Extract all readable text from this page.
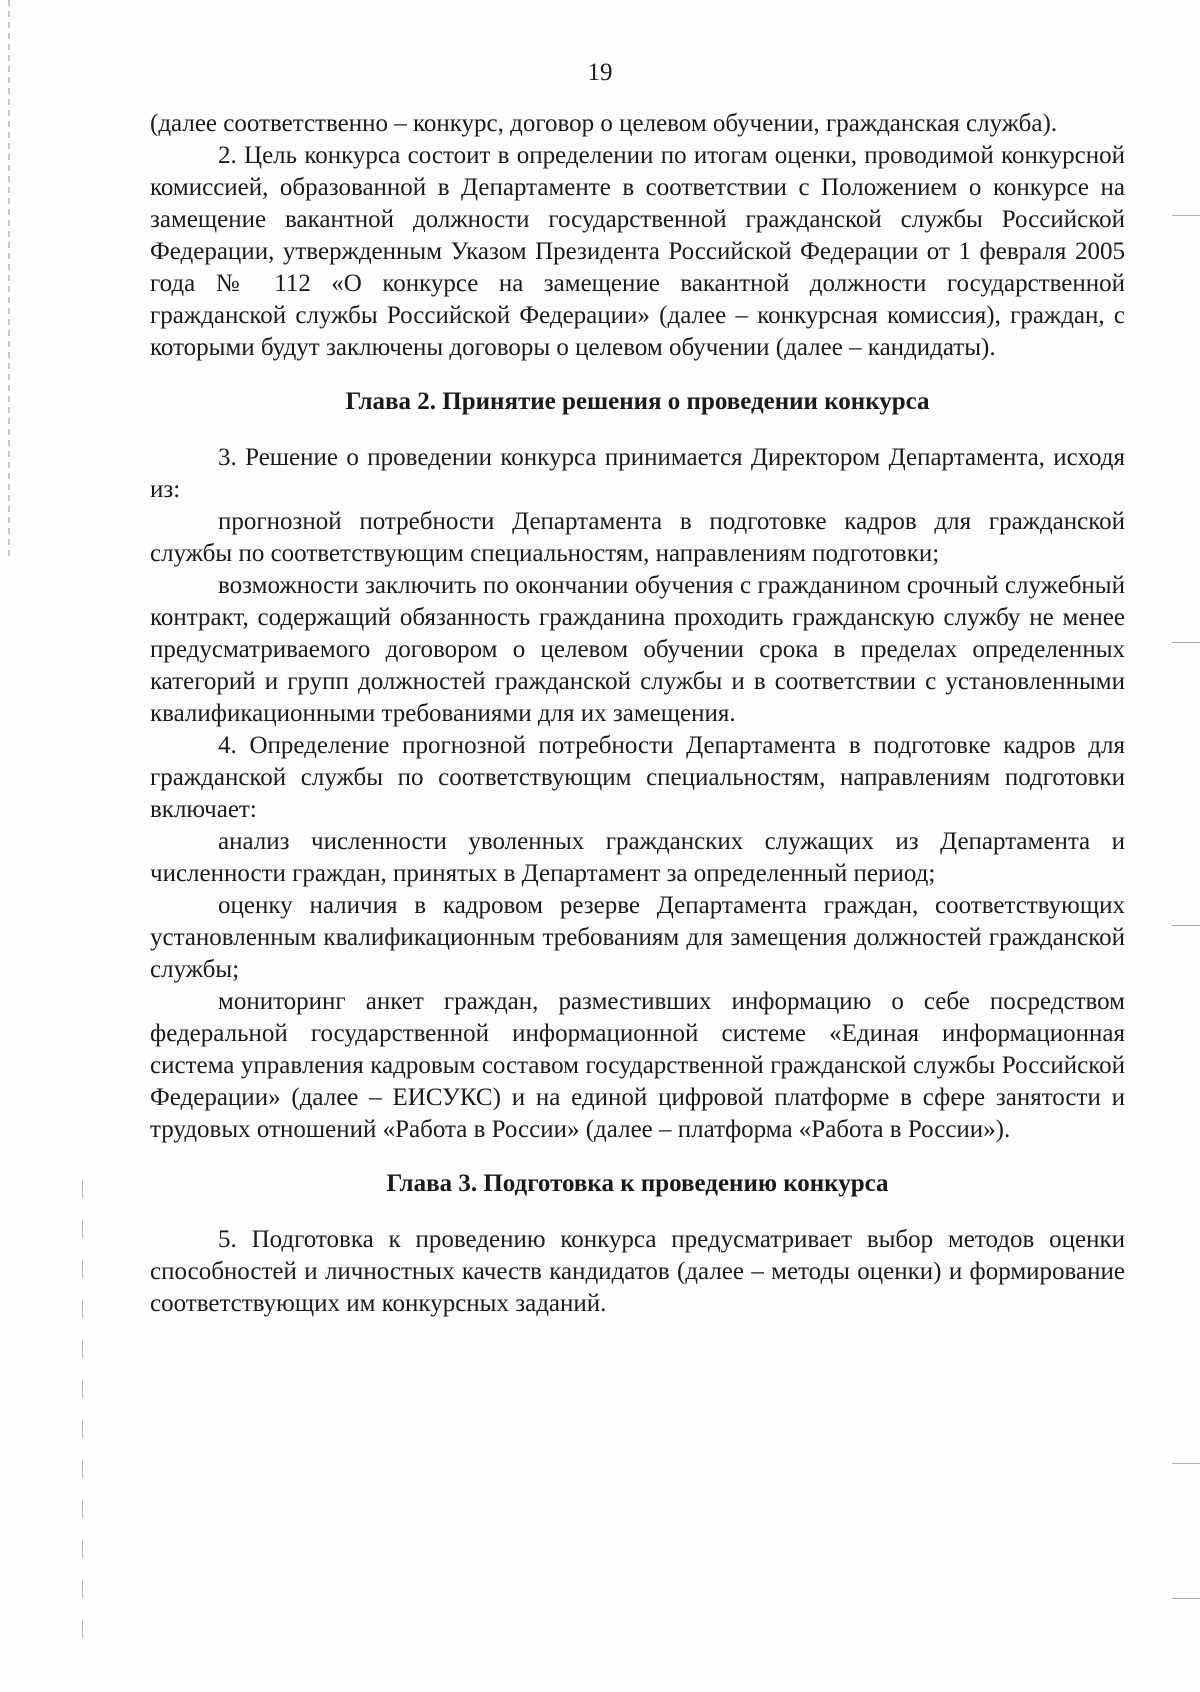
19

(далее соответственно – конкурс, договор о целевом обучении, гражданская служба).

2. Цель конкурса состоит в определении по итогам оценки, проводимой конкурсной комиссией, образованной в Департаменте в соответствии с Положением о конкурсе на замещение вакантной должности государственной гражданской службы Российской Федерации, утвержденным Указом Президента Российской Федерации от 1 февраля 2005 года № 112 «О конкурсе на замещение вакантной должности государственной гражданской службы Российской Федерации» (далее – конкурсная комиссия), граждан, с которыми будут заключены договоры о целевом обучении (далее – кандидаты).

Глава 2. Принятие решения о проведении конкурса

3. Решение о проведении конкурса принимается Директором Департамента, исходя из:

прогнозной потребности Департамента в подготовке кадров для гражданской службы по соответствующим специальностям, направлениям подготовки;

возможности заключить по окончании обучения с гражданином срочный служебный контракт, содержащий обязанность гражданина проходить гражданскую службу не менее предусматриваемого договором о целевом обучении срока в пределах определенных категорий и групп должностей гражданской службы и в соответствии с установленными квалификационными требованиями для их замещения.

4. Определение прогнозной потребности Департамента в подготовке кадров для гражданской службы по соответствующим специальностям, направлениям подготовки включает:

анализ численности уволенных гражданских служащих из Департамента и численности граждан, принятых в Департамент за определенный период;

оценку наличия в кадровом резерве Департамента граждан, соответствующих установленным квалификационным требованиям для замещения должностей гражданской службы;

мониторинг анкет граждан, разместивших информацию о себе посредством федеральной государственной информационной системе «Единая информационная система управления кадровым составом государственной гражданской службы Российской Федерации» (далее – ЕИСУКС) и на единой цифровой платформе в сфере занятости и трудовых отношений «Работа в России» (далее – платформа «Работа в России»).

Глава 3. Подготовка к проведению конкурса

5. Подготовка к проведению конкурса предусматривает выбор методов оценки способностей и личностных качеств кандидатов (далее – методы оценки) и формирование соответствующих им конкурсных заданий.
